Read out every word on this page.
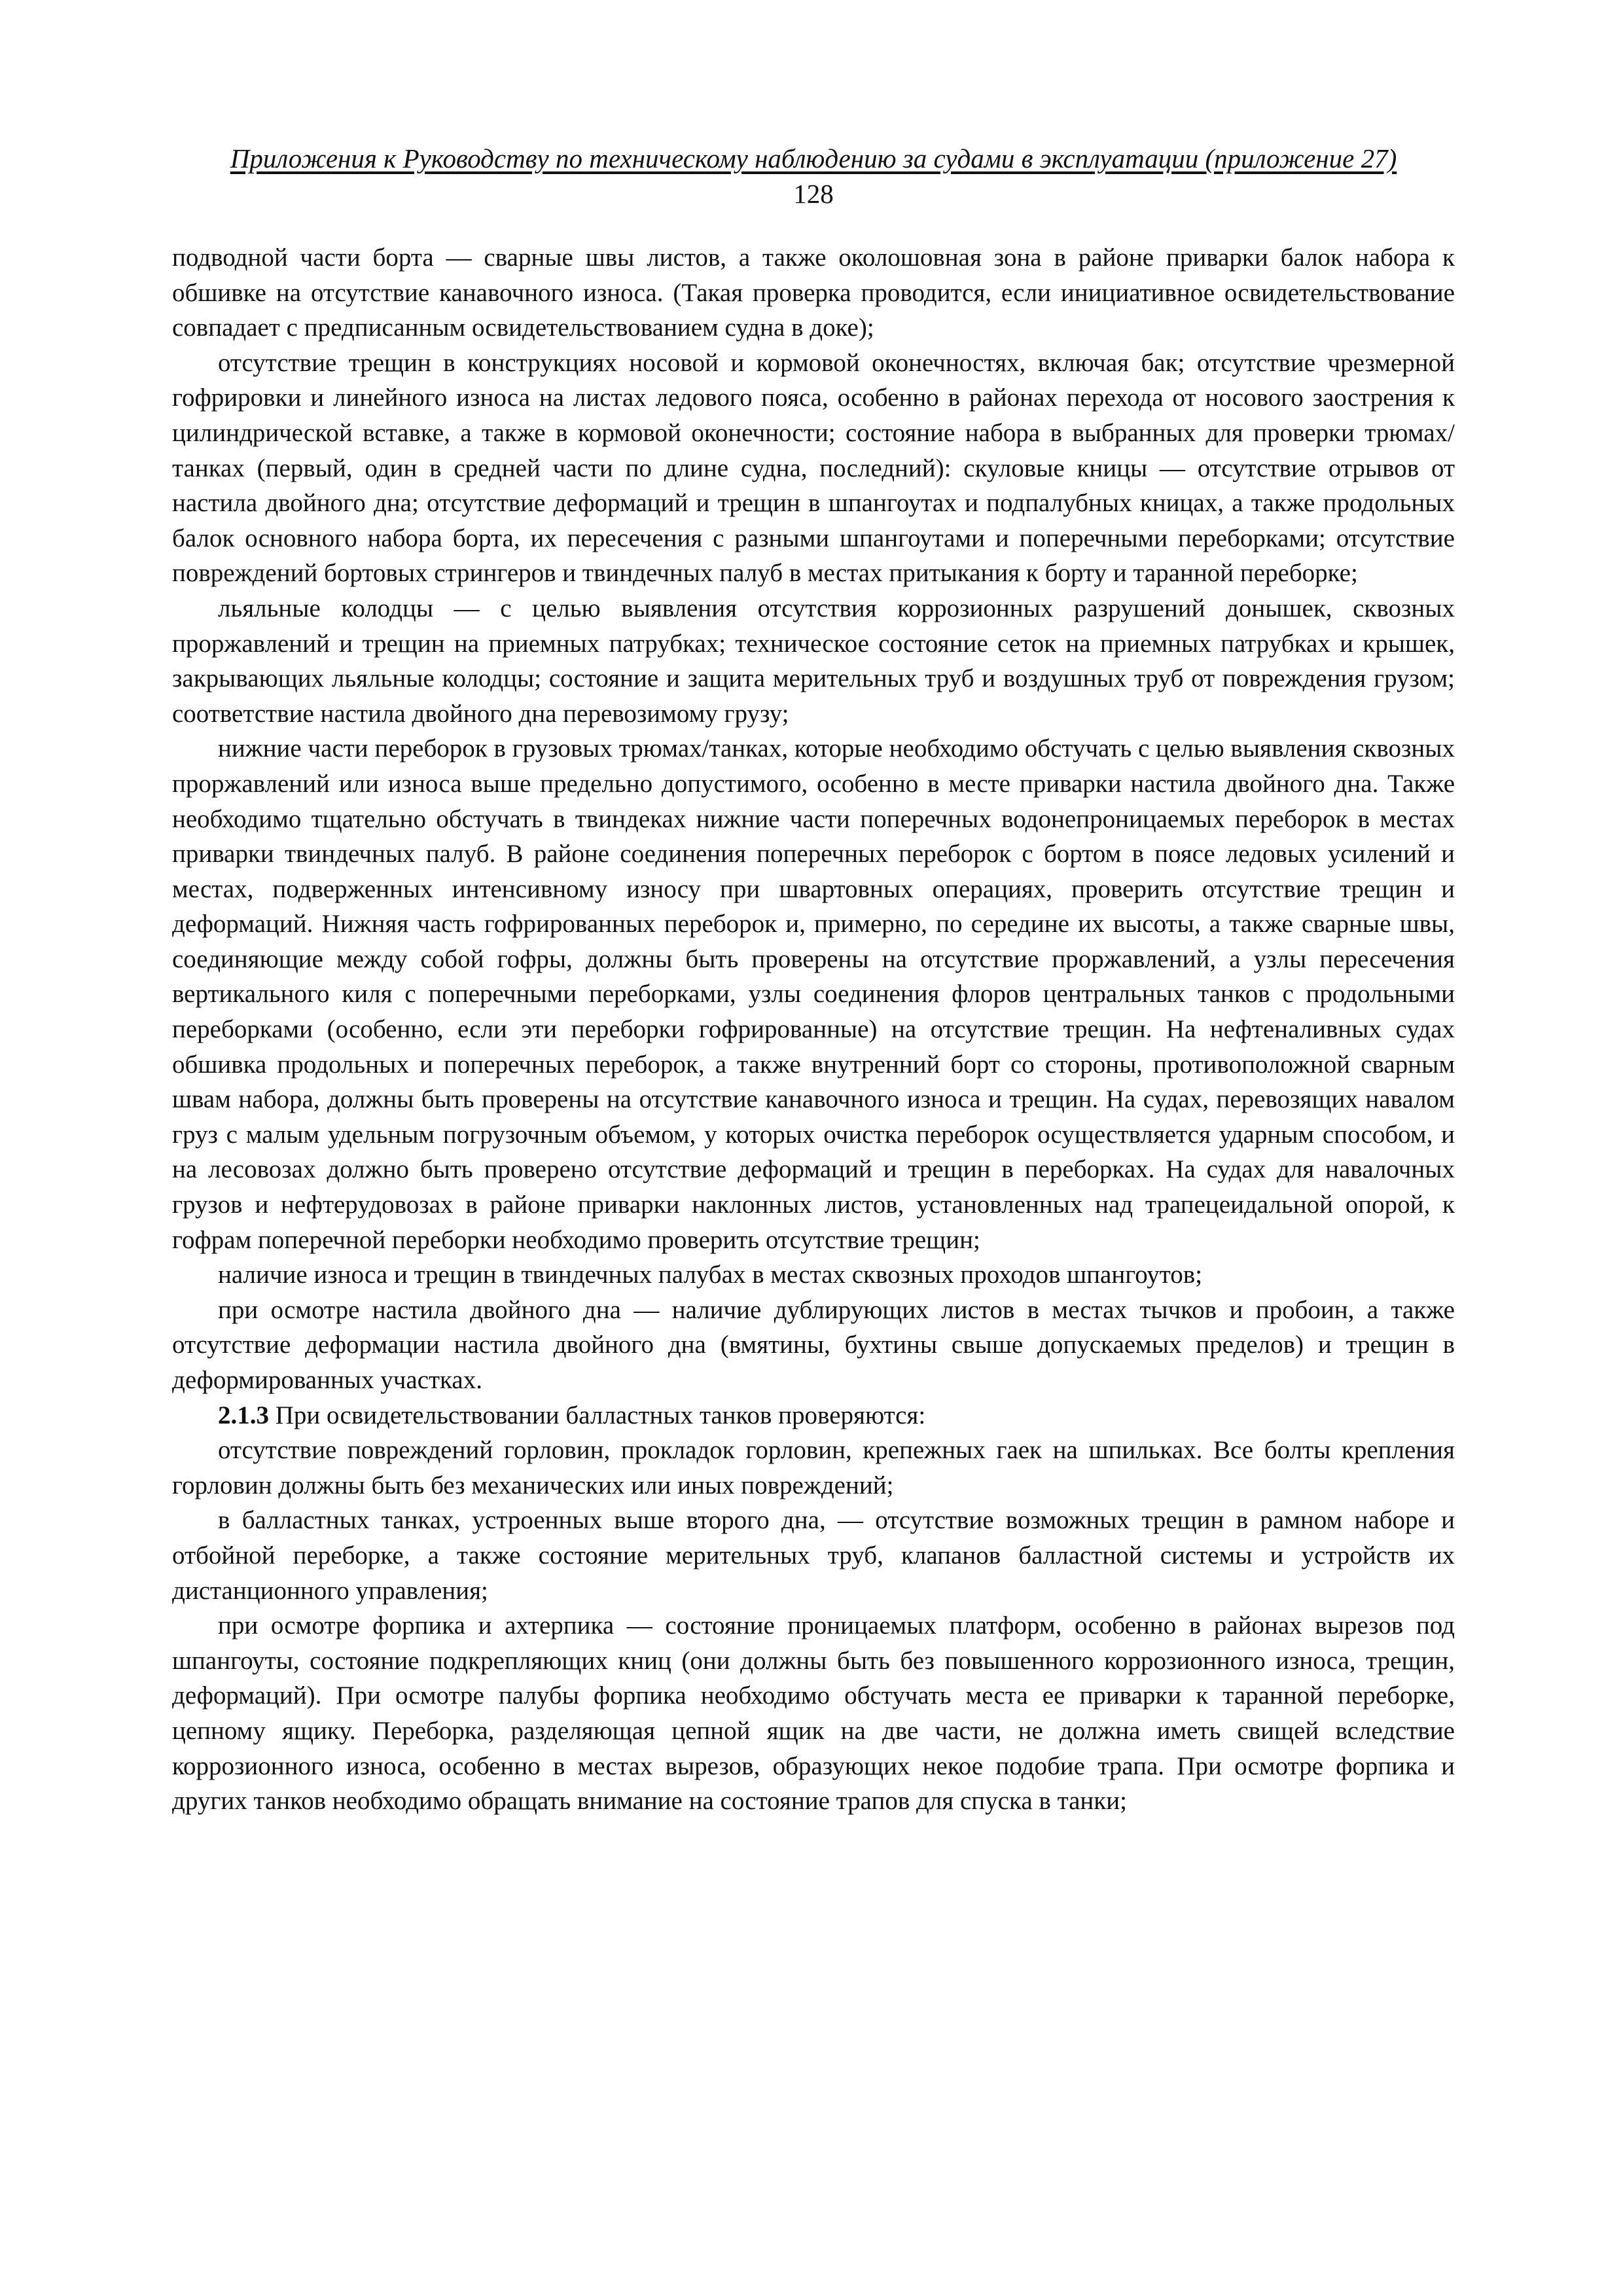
Приложения к Руководству по техническому наблюдению за судами в эксплуатации (приложение 27)

128

подводной части борта — сварные швы листов, а также околошовная зона в районе приварки балок набора к обшивке на отсутствие канавочного износа. (Такая проверка проводится, если инициативное освидетельствование совпадает с предписанным освидетельствованием судна в доке);

отсутствие трещин в конструкциях носовой и кормовой оконечностях, включая бак; отсутствие чрезмерной гофрировки и линейного износа на листах ледового пояса, особенно в районах перехода от носового заострения к цилиндрической вставке, а также в кормовой оконечности; состояние набора в выбранных для проверки трюмах/танках (первый, один в средней части по длине судна, последний): скуловые кницы — отсутствие отрывов от настила двойного дна; отсутствие деформаций и трещин в шпангоутах и подпалубных кницах, а также продольных балок основного набора борта, их пересечения с разными шпангоутами и поперечными переборками; отсутствие повреждений бортовых стрингеров и твиндечных палуб в местах притыкания к борту и таранной переборке;

льяльные колодцы — с целью выявления отсутствия коррозионных разрушений донышек, сквозных проржавлений и трещин на приемных патрубках; техническое состояние сеток на приемных патрубках и крышек, закрывающих льяльные колодцы; состояние и защита мерительных труб и воздушных труб от повреждения грузом; соответствие настила двойного дна перевозимому грузу;

нижние части переборок в грузовых трюмах/танках, которые необходимо обстучать с целью выявления сквозных проржавлений или износа выше предельно допустимого, особенно в месте приварки настила двойного дна. Также необходимо тщательно обстучать в твиндеках нижние части поперечных водонепроницаемых переборок в местах приварки твиндечных палуб. В районе соединения поперечных переборок с бортом в поясе ледовых усилений и местах, подверженных интенсивному износу при швартовных операциях, проверить отсутствие трещин и деформаций. Нижняя часть гофрированных переборок и, примерно, по середине их высоты, а также сварные швы, соединяющие между собой гофры, должны быть проверены на отсутствие проржавлений, а узлы пересечения вертикального киля с поперечными переборками, узлы соединения флоров центральных танков с продольными переборками (особенно, если эти переборки гофрированные) на отсутствие трещин. На нефтеналивных судах обшивка продольных и поперечных переборок, а также внутренний борт со стороны, противоположной сварным швам набора, должны быть проверены на отсутствие канавочного износа и трещин. На судах, перевозящих навалом груз с малым удельным погрузочным объемом, у которых очистка переборок осуществляется ударным способом, и на лесовозах должно быть проверено отсутствие деформаций и трещин в переборках. На судах для навалочных грузов и нефтерудовозах в районе приварки наклонных листов, установленных над трапецеидальной опорой, к гофрам поперечной переборки необходимо проверить отсутствие трещин;

наличие износа и трещин в твиндечных палубах в местах сквозных проходов шпангоутов;

при осмотре настила двойного дна — наличие дублирующих листов в местах тычков и пробоин, а также отсутствие деформации настила двойного дна (вмятины, бухтины свыше допускаемых пределов) и трещин в деформированных участках.

2.1.3 При освидетельствовании балластных танков проверяются:

отсутствие повреждений горловин, прокладок горловин, крепежных гаек на шпильках. Все болты крепления горловин должны быть без механических или иных повреждений;

в балластных танках, устроенных выше второго дна, — отсутствие возможных трещин в рамном наборе и отбойной переборке, а также состояние мерительных труб, клапанов балластной системы и устройств их дистанционного управления;

при осмотре форпика и ахтерпика — состояние проницаемых платформ, особенно в районах вырезов под шпангоуты, состояние подкрепляющих книц (они должны быть без повышенного коррозионного износа, трещин, деформаций). При осмотре палубы форпика необходимо обстучать места ее приварки к таранной переборке, цепному ящику. Переборка, разделяющая цепной ящик на две части, не должна иметь свищей вследствие коррозионного износа, особенно в местах вырезов, образующих некое подобие трапа. При осмотре форпика и других танков необходимо обращать внимание на состояние трапов для спуска в танки;
